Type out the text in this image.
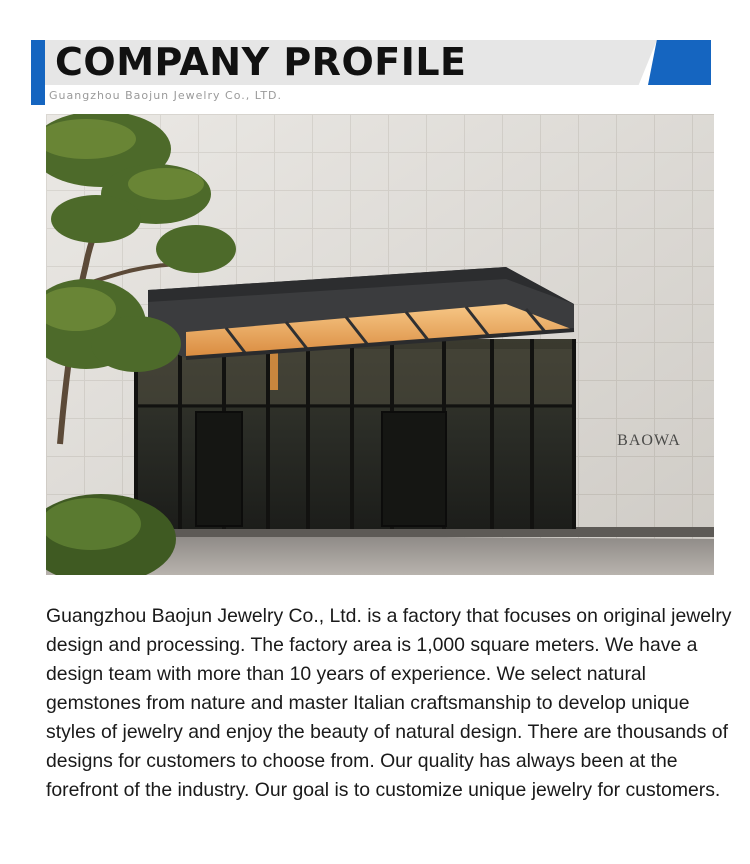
COMPANY PROFILE
Guangzhou Baojun Jewelry Co., LTD.
BAOWA

Guangzhou Baojun Jewelry Co., Ltd. is a factory that focuses on original jewelry design and processing. The factory area is 1,000 square meters. We have a design team with more than 10 years of experience. We select natural gemstones from nature and master Italian craftsmanship to develop unique styles of jewelry and enjoy the beauty of natural design. There are thousands of designs for customers to choose from. Our quality has always been at the forefront of the industry. Our goal is to customize unique jewelry for customers.
